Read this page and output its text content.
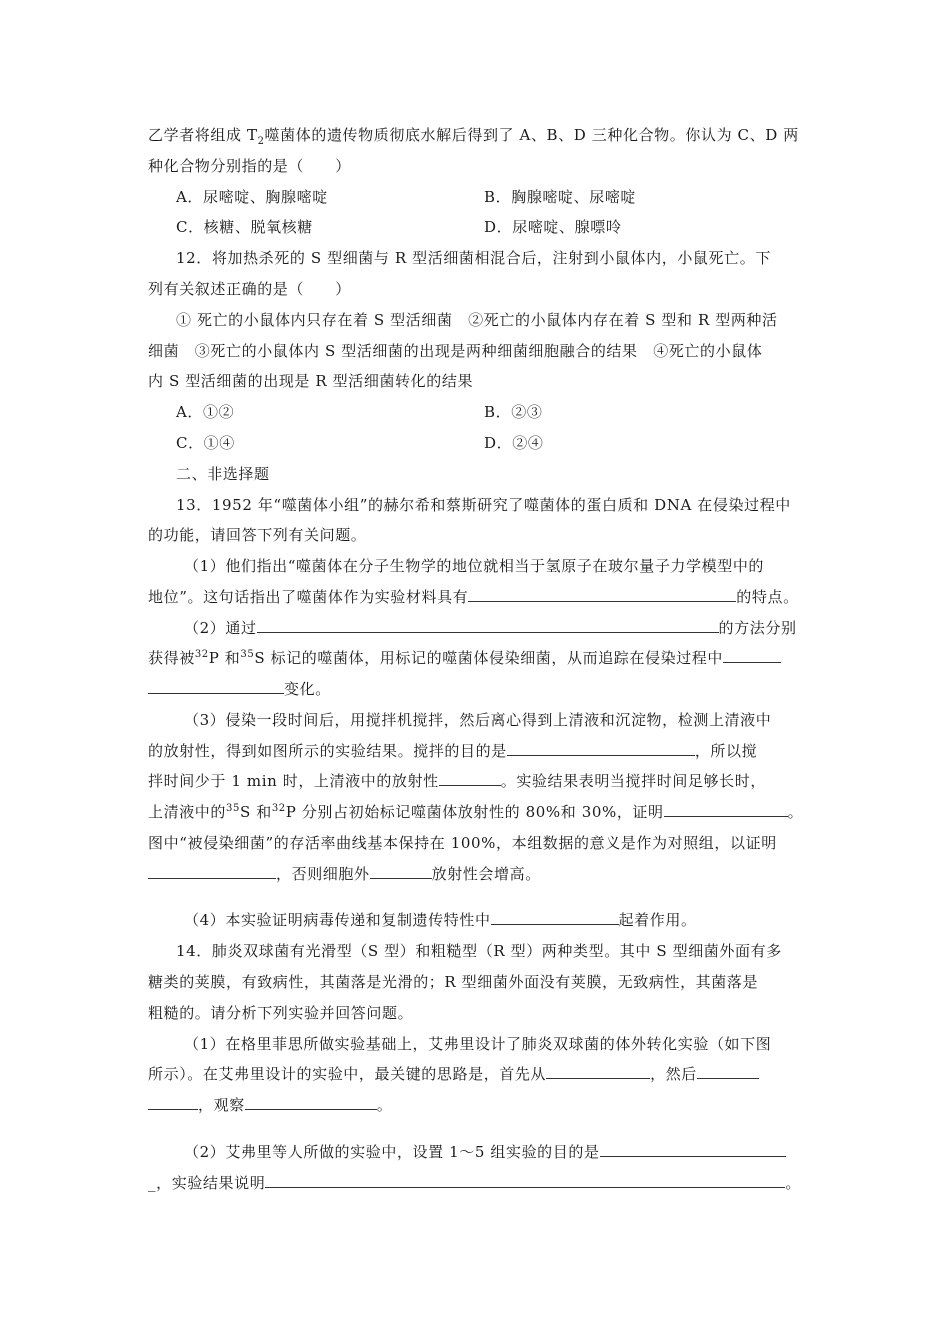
乙学者将组成 $T_2$噬菌体的遗传物质彻底水解后得到了 A、B、D 三种化合物。你认为 C、D 两
种化合物分别指的是（　　）
A．尿嘧啶、胸腺嘧啶	B．胸腺嘧啶、尿嘧啶
C．核糖、脱氧核糖	D．尿嘧啶、腺嘌呤
12．将加热杀死的 S 型细菌与 R 型活细菌相混合后，注射到小鼠体内，小鼠死亡。下
列有关叙述正确的是（　　）
① 死亡的小鼠体内只存在着 S 型活细菌　②死亡的小鼠体内存在着 S 型和 R 型两种活
细菌　③死亡的小鼠体内 S 型活细菌的出现是两种细菌细胞融合的结果　④死亡的小鼠体
内 S 型活细菌的出现是 R 型活细菌转化的结果
A．①②	B．②③
C．①④	D．②④
二、非选择题
13．1952 年“噬菌体小组”的赫尔希和蔡斯研究了噬菌体的蛋白质和 DNA 在侵染过程中
的功能，请回答下列有关问题。
（1）他们指出“噬菌体在分子生物学的地位就相当于氢原子在玻尔量子力学模型中的
地位”。这句话指出了噬菌体作为实验材料具有	的特点。
（2）通过	的方法分别
获得被$^{32}$P 和$^{35}$S 标记的噬菌体，用标记的噬菌体侵染细菌，从而追踪在侵染过程中
变化。
（3）侵染一段时间后，用搅拌机搅拌，然后离心得到上清液和沉淀物，检测上清液中
的放射性，得到如图所示的实验结果。搅拌的目的是	，所以搅
拌时间少于 1 min 时，上清液中的放射性	。实验结果表明当搅拌时间足够长时，
上清液中的$^{35}$S 和$^{32}$P 分别占初始标记噬菌体放射性的 80%和 30%，证明	。
图中“被侵染细菌”的存活率曲线基本保持在 100%，本组数据的意义是作为对照组，以证明
，否则细胞外	放射性会增高。
（4）本实验证明病毒传递和复制遗传特性中	起着作用。
14．肺炎双球菌有光滑型（S 型）和粗糙型（R 型）两种类型。其中 S 型细菌外面有多
糖类的荚膜，有致病性，其菌落是光滑的；R 型细菌外面没有荚膜，无致病性，其菌落是
粗糙的。请分析下列实验并回答问题。
（1）在格里菲思所做实验基础上，艾弗里设计了肺炎双球菌的体外转化实验（如下图
所示）。在艾弗里设计的实验中，最关键的思路是，首先从	，然后
，观察	。
（2）艾弗里等人所做的实验中，设置 1～5 组实验的目的是
_，实验结果说明	。
